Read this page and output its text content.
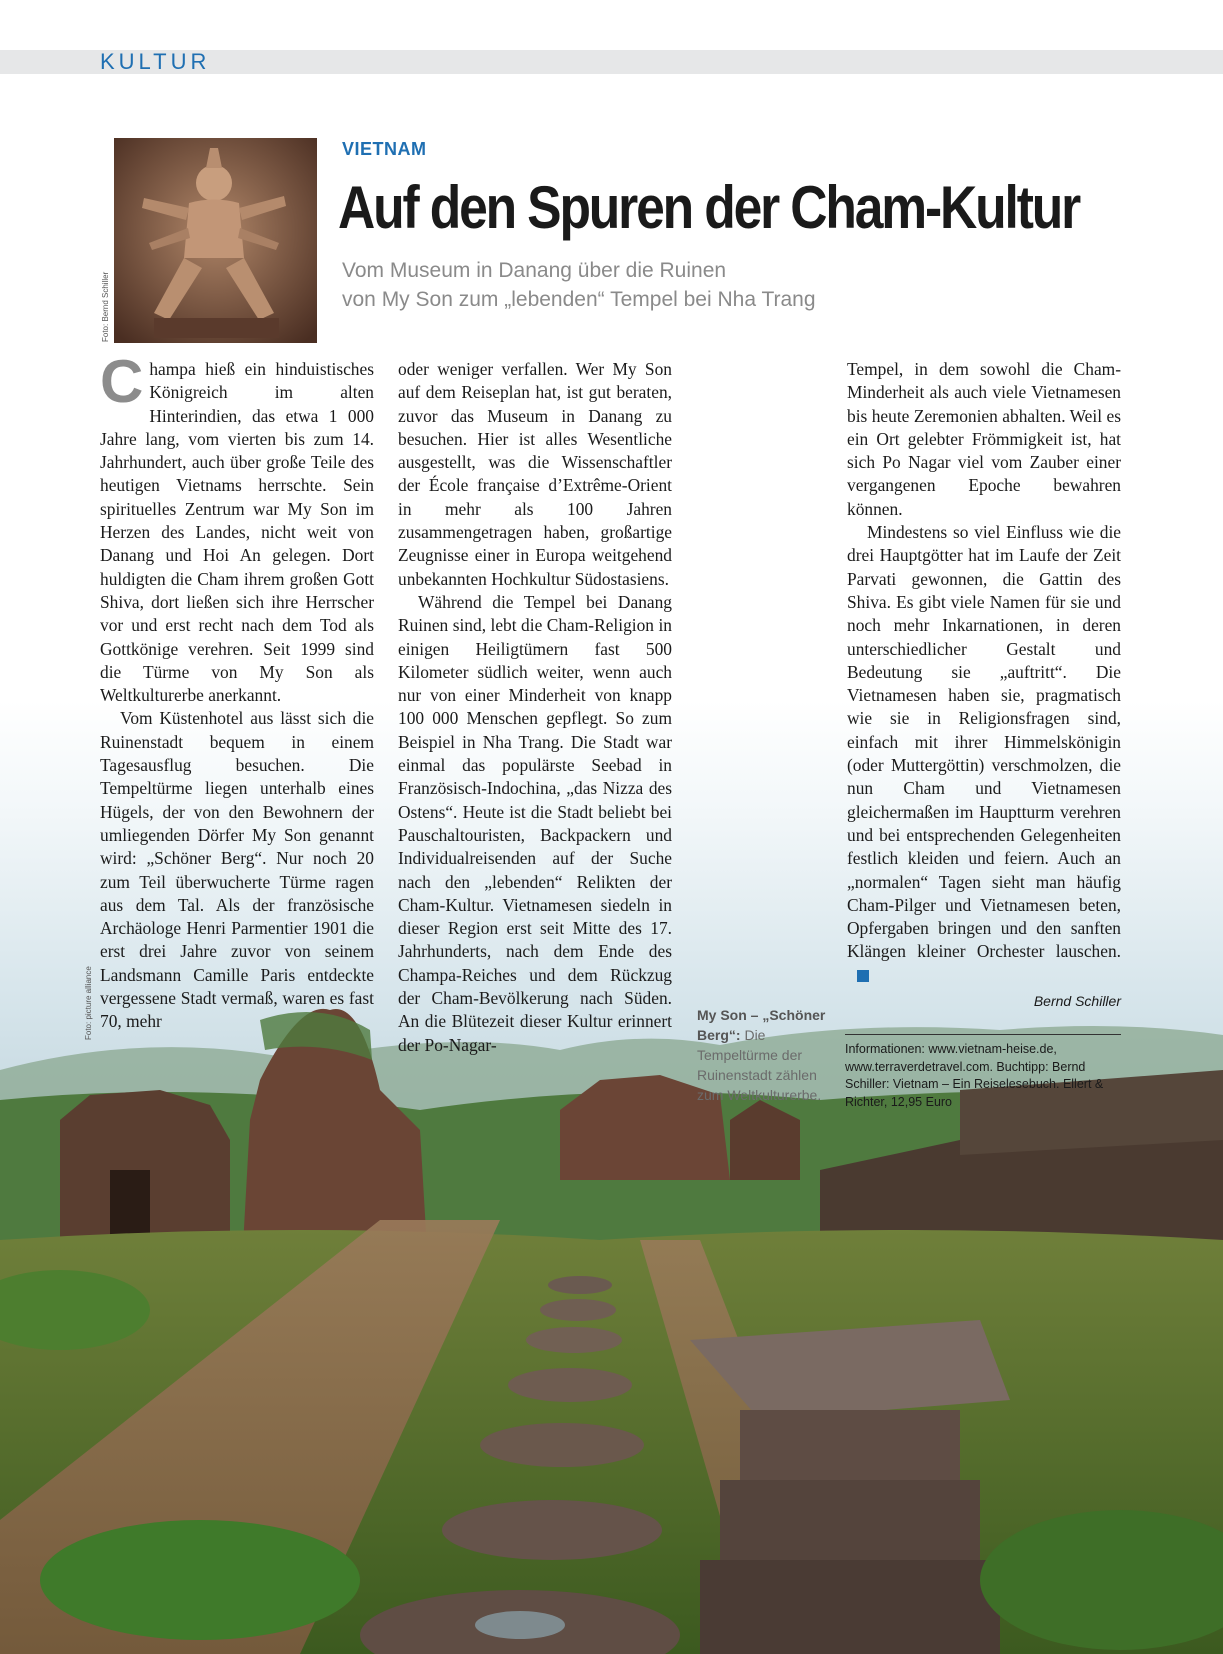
KULTUR
Foto: Bernd Schiller
Foto: picture alliance
VIETNAM
Auf den Spuren der Cham-Kultur
Vom Museum in Danang über die Ruinen
von My Son zum „lebenden“ Tempel bei Nha Trang

Champa hieß ein hinduistisches Königreich im alten Hinterindien, das etwa 1 000 Jahre lang, vom vierten bis zum 14. Jahrhundert, auch über große Teile des heutigen Vietnams herrschte. Sein spirituelles Zentrum war My Son im Herzen des Landes, nicht weit von Danang und Hoi An gelegen. Dort huldigten die Cham ihrem großen Gott Shiva, dort ließen sich ihre Herrscher vor und erst recht nach dem Tod als Gottkönige verehren. Seit 1999 sind die Türme von My Son als Weltkulturerbe anerkannt.

Vom Küstenhotel aus lässt sich die Ruinenstadt bequem in einem Tagesausflug besuchen. Die Tempeltürme liegen unterhalb eines Hügels, der von den Bewohnern der umliegenden Dörfer My Son genannt wird: „Schöner Berg“. Nur noch 20 zum Teil überwucherte Türme ragen aus dem Tal. Als der französische Archäologe Henri Parmentier 1901 die erst drei Jahre zuvor von seinem Landsmann Camille Paris entdeckte vergessene Stadt vermaß, waren es fast 70, mehr

oder weniger verfallen. Wer My Son auf dem Reiseplan hat, ist gut beraten, zuvor das Museum in Danang zu besuchen. Hier ist alles Wesentliche ausgestellt, was die Wissenschaftler der École française d’Extrême-Orient in mehr als 100 Jahren zusammengetragen haben, großartige Zeugnisse einer in Europa weitgehend unbekannten Hochkultur Südostasiens.

Während die Tempel bei Danang Ruinen sind, lebt die Cham-Religion in einigen Heiligtümern fast 500 Kilometer südlich weiter, wenn auch nur von einer Minderheit von knapp 100 000 Menschen gepflegt. So zum Beispiel in Nha Trang. Die Stadt war einmal das populärste Seebad in Französisch-Indochina, „das Nizza des Ostens“. Heute ist die Stadt beliebt bei Pauschaltouristen, Backpackern und Individualreisenden auf der Suche nach den „lebenden“ Relikten der Cham-Kultur. Vietnamesen siedeln in dieser Region erst seit Mitte des 17. Jahrhunderts, nach dem Ende des Champa-Reiches und dem Rückzug der Cham-Bevölkerung nach Süden. An die Blütezeit dieser Kultur erinnert der Po-Nagar-

Tempel, in dem sowohl die Cham-Minderheit als auch viele Vietnamesen bis heute Zeremonien abhalten. Weil es ein Ort gelebter Frömmigkeit ist, hat sich Po Nagar viel vom Zauber einer vergangenen Epoche bewahren können.

Mindestens so viel Einfluss wie die drei Hauptgötter hat im Laufe der Zeit Parvati gewonnen, die Gattin des Shiva. Es gibt viele Namen für sie und noch mehr Inkarnationen, in deren unterschiedlicher Gestalt und Bedeutung sie „auftritt“. Die Vietnamesen haben sie, pragmatisch wie sie in Religionsfragen sind, einfach mit ihrer Himmelskönigin (oder Muttergöttin) verschmolzen, die nun Cham und Vietnamesen gleichermaßen im Hauptturm verehren und bei entsprechenden Gelegenheiten festlich kleiden und feiern. Auch an „normalen“ Tagen sieht man häufig Cham-Pilger und Vietnamesen beten, Opfergaben bringen und den sanften Klängen kleiner Orchester lauschen.

Bernd Schiller
My Son – „Schöner Berg“: Die Tempeltürme der Ruinenstadt zählen zum Weltkulturerbe.
Informationen: www.vietnam-heise.de, www.terraverdetravel.com. Buchtipp: Bernd Schiller: Vietnam – Ein Reiselesebuch. Ellert & Richter, 12,95 Euro
